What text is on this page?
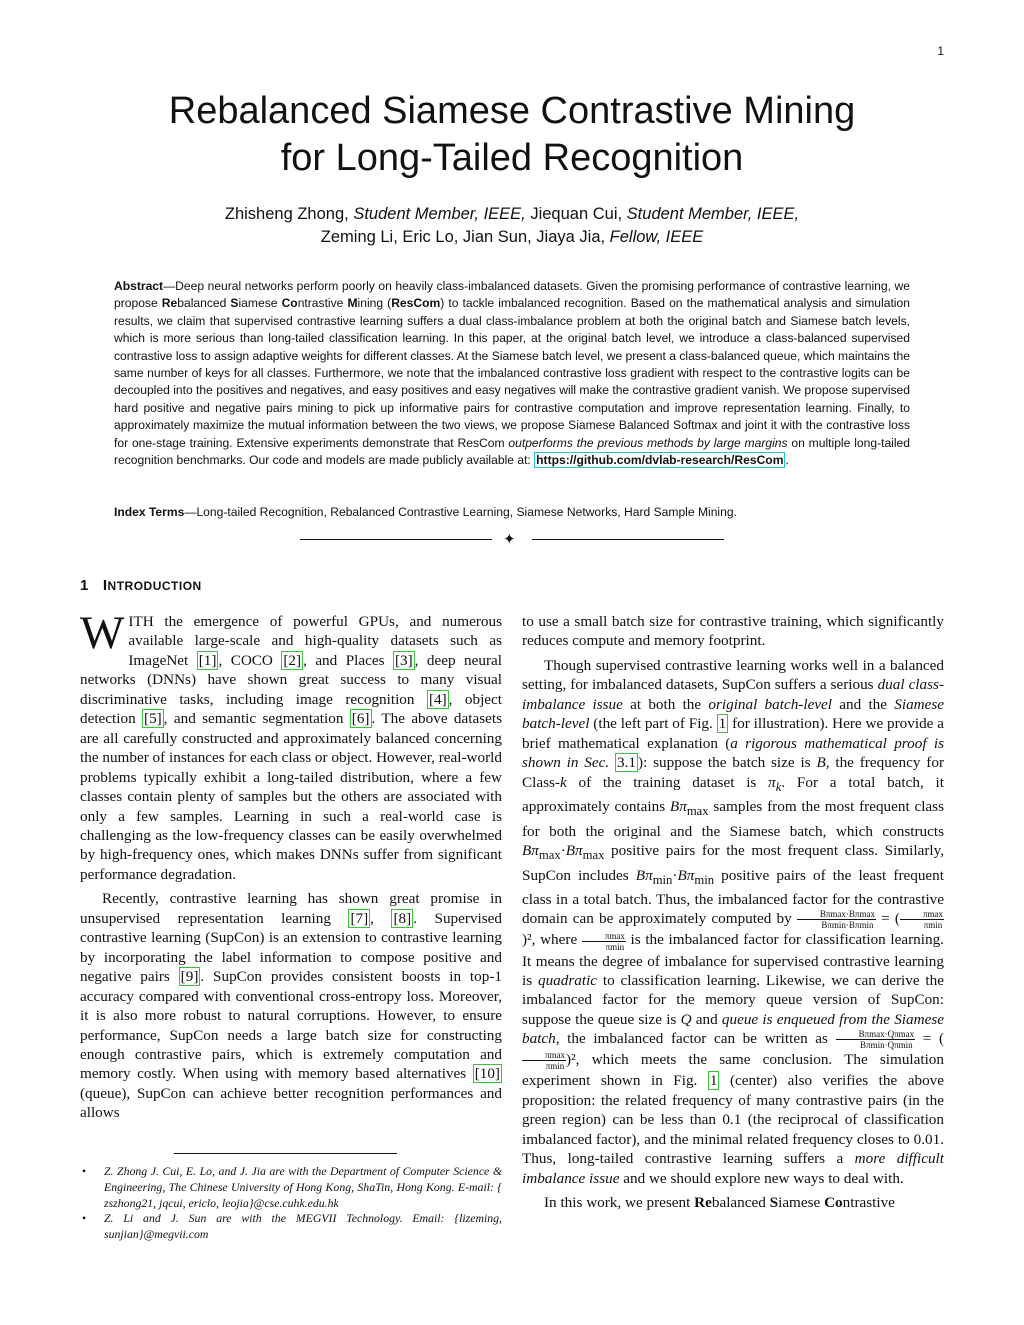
1
Rebalanced Siamese Contrastive Mining
for Long-Tailed Recognition
Zhisheng Zhong, Student Member, IEEE, Jiequan Cui, Student Member, IEEE,
Zeming Li, Eric Lo, Jian Sun, Jiaya Jia, Fellow, IEEE
Abstract—Deep neural networks perform poorly on heavily class-imbalanced datasets. Given the promising performance of contrastive learning, we propose Rebalanced Siamese Contrastive Mining (ResCom) to tackle imbalanced recognition. Based on the mathematical analysis and simulation results, we claim that supervised contrastive learning suffers a dual class-imbalance problem at both the original batch and Siamese batch levels, which is more serious than long-tailed classification learning. In this paper, at the original batch level, we introduce a class-balanced supervised contrastive loss to assign adaptive weights for different classes. At the Siamese batch level, we present a class-balanced queue, which maintains the same number of keys for all classes. Furthermore, we note that the imbalanced contrastive loss gradient with respect to the contrastive logits can be decoupled into the positives and negatives, and easy positives and easy negatives will make the contrastive gradient vanish. We propose supervised hard positive and negative pairs mining to pick up informative pairs for contrastive computation and improve representation learning. Finally, to approximately maximize the mutual information between the two views, we propose Siamese Balanced Softmax and joint it with the contrastive loss for one-stage training. Extensive experiments demonstrate that ResCom outperforms the previous methods by large margins on multiple long-tailed recognition benchmarks. Our code and models are made publicly available at: https://github.com/dvlab-research/ResCom .
Index Terms—Long-tailed Recognition, Rebalanced Contrastive Learning, Siamese Networks, Hard Sample Mining.
✦
1 INTRODUCTION

WITH the emergence of powerful GPUs, and numerous available large-scale and high-quality datasets such as ImageNet [1] , COCO [2] , and Places [3] , deep neural networks (DNNs) have shown great success to many visual discriminative tasks, including image recognition [4] , object detection [5] , and semantic segmentation [6] . The above datasets are all carefully constructed and approximately balanced concerning the number of instances for each class or object. However, real-world problems typically exhibit a long-tailed distribution, where a few classes contain plenty of samples but the others are associated with only a few samples. Learning in such a real-world case is challenging as the low-frequency classes can be easily overwhelmed by high-frequency ones, which makes DNNs suffer from significant performance degradation.

Recently, contrastive learning has shown great promise in unsupervised representation learning [7] , [8] . Supervised contrastive learning (SupCon) is an extension to contrastive learning by incorporating the label information to compose positive and negative pairs [9] . SupCon provides consistent boosts in top-1 accuracy compared with conventional cross-entropy loss. Moreover, it is also more robust to natural corruptions. However, to ensure performance, SupCon needs a large batch size for constructing enough contrastive pairs, which is extremely computation and memory costly. When using with memory based alternatives [10] (queue), SupCon can achieve better recognition performances and allows

• Z. Zhong J. Cui, E. Lo, and J. Jia are with the Department of Computer Science & Engineering, The Chinese University of Hong Kong, ShaTin, Hong Kong. E-mail: { zszhong21, jqcui, ericlo, leojia}@cse.cuhk.edu.hk
• Z. Li and J. Sun are with the MEGVII Technology. Email: {lizeming, sunjian}@megvii.com

to use a small batch size for contrastive training, which significantly reduces compute and memory footprint.

Though supervised contrastive learning works well in a balanced setting, for imbalanced datasets, SupCon suffers a serious dual class-imbalance issue at both the original batch-level and the Siamese batch-level (the left part of Fig. 1 for illustration). Here we provide a brief mathematical explanation (a rigorous mathematical proof is shown in Sec. 3.1 ): suppose the batch size is B, the frequency for Class-k of the training dataset is $\pi_k$. For a total batch, it approximately contains $B\pi_{max}$ samples from the most frequent class for both the original and the Siamese batch, which constructs $B\pi_{max}\cdot B\pi_{max}$ positive pairs for the most frequent class. Similarly, SupCon includes $B\pi_{min}\cdot B\pi_{min}$ positive pairs of the least frequent class in a total batch. Thus, the imbalanced factor for the contrastive domain can be approximately computed by $\frac{B\pi\max\cdot B\pi\max}{B\pi\min\cdot B\pi\min}$ = ( $\frac{\pi\max}{\pi\min}$
)², where $\frac{\pi\max}{\pi\min}$ is the imbalanced factor for classification learning. It means the degree of imbalance for supervised contrastive learning is quadratic to classification learning. Likewise, we can derive the imbalanced factor for the memory queue version of SupCon: suppose the queue size is Q and queue is enqueued from the Siamese batch, the imbalanced factor can be written as $\frac{B\pi\max\cdot Q\pi\max}{B\pi\min\cdot Q\pi\min}$ = (
$\frac{\pi\max}{\pi\min} )^2$, which meets the same conclusion. The simulation experiment shown in Fig. 1 (center) also verifies the above proposition: the related frequency of many contrastive pairs (in the green region) can be less than 0.1 (the reciprocal of classification imbalanced factor), and the minimal related frequency closes to 0.01. Thus, long-tailed contrastive learning suffers a more difficult imbalance issue and we should explore new ways to deal with.

In this work, we present Rebalanced Siamese Contrastive
